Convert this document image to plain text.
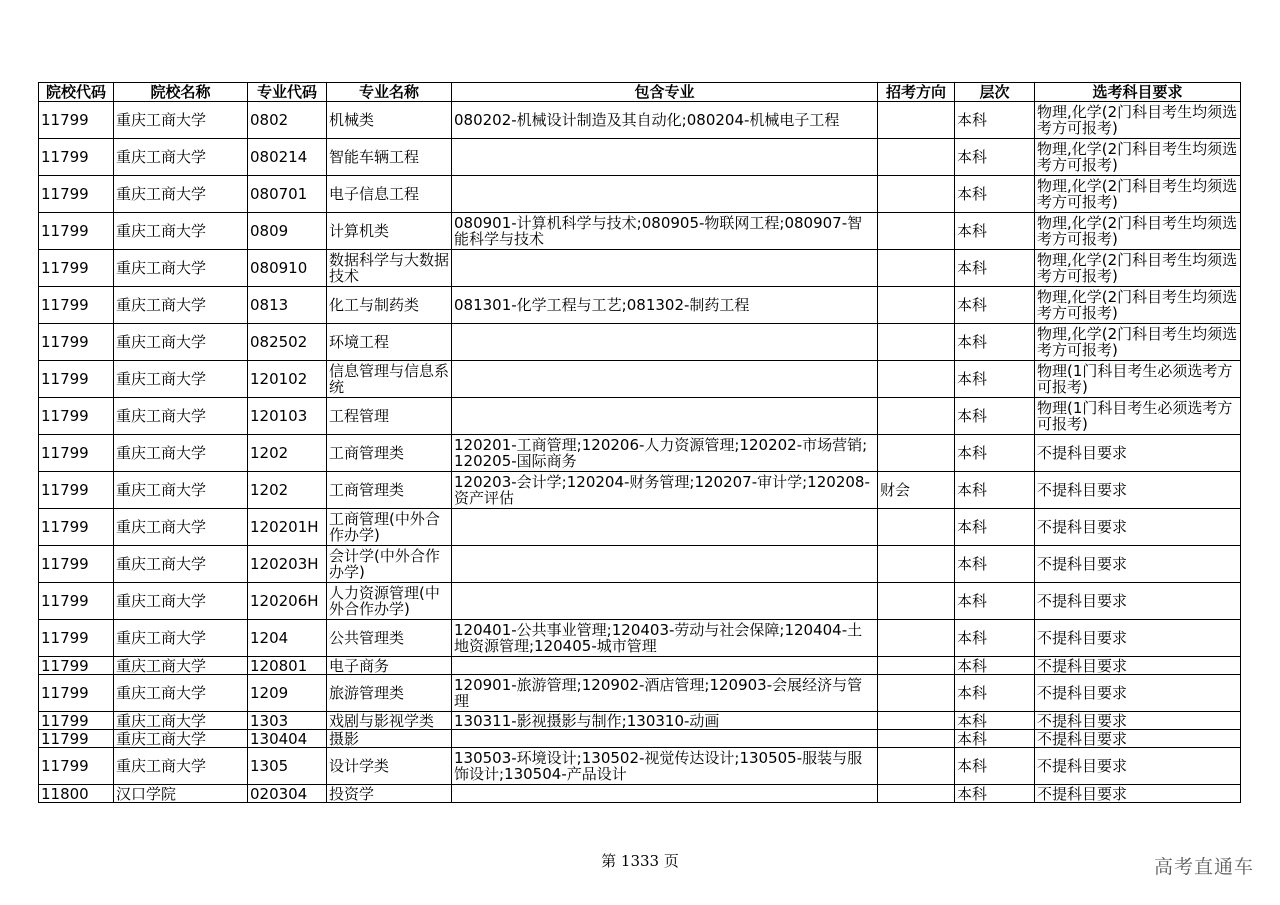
院校代码	院校名称	专业代码	专业名称	包含专业	招考方向	层次	选考科目要求
11799	重庆工商大学	0802	机械类	080202-机械设计制造及其自动化;080204-机械电子工程		本科	物理,化学(2门科目考生均须选考方可报考)
11799	重庆工商大学	080214	智能车辆工程			本科	物理,化学(2门科目考生均须选考方可报考)
11799	重庆工商大学	080701	电子信息工程			本科	物理,化学(2门科目考生均须选考方可报考)
11799	重庆工商大学	0809	计算机类	080901-计算机科学与技术;080905-物联网工程;080907-智能科学与技术		本科	物理,化学(2门科目考生均须选考方可报考)
11799	重庆工商大学	080910	数据科学与大数据技术			本科	物理,化学(2门科目考生均须选考方可报考)
11799	重庆工商大学	0813	化工与制药类	081301-化学工程与工艺;081302-制药工程		本科	物理,化学(2门科目考生均须选考方可报考)
11799	重庆工商大学	082502	环境工程			本科	物理,化学(2门科目考生均须选考方可报考)
11799	重庆工商大学	120102	信息管理与信息系统			本科	物理(1门科目考生必须选考方可报考)
11799	重庆工商大学	120103	工程管理			本科	物理(1门科目考生必须选考方可报考)
11799	重庆工商大学	1202	工商管理类	120201-工商管理;120206-人力资源管理;120202-市场营销;120205-国际商务		本科	不提科目要求
11799	重庆工商大学	1202	工商管理类	120203-会计学;120204-财务管理;120207-审计学;120208-资产评估	财会	本科	不提科目要求
11799	重庆工商大学	120201H	工商管理(中外合作办学)			本科	不提科目要求
11799	重庆工商大学	120203H	会计学(中外合作办学)			本科	不提科目要求
11799	重庆工商大学	120206H	人力资源管理(中外合作办学)			本科	不提科目要求
11799	重庆工商大学	1204	公共管理类	120401-公共事业管理;120403-劳动与社会保障;120404-土地资源管理;120405-城市管理		本科	不提科目要求
11799	重庆工商大学	120801	电子商务			本科	不提科目要求
11799	重庆工商大学	1209	旅游管理类	120901-旅游管理;120902-酒店管理;120903-会展经济与管理		本科	不提科目要求
11799	重庆工商大学	1303	戏剧与影视学类	130311-影视摄影与制作;130310-动画		本科	不提科目要求
11799	重庆工商大学	130404	摄影			本科	不提科目要求
11799	重庆工商大学	1305	设计学类	130503-环境设计;130502-视觉传达设计;130505-服装与服饰设计;130504-产品设计		本科	不提科目要求
11800	汉口学院	020304	投资学			本科	不提科目要求
第 1333 页	高考直通车
